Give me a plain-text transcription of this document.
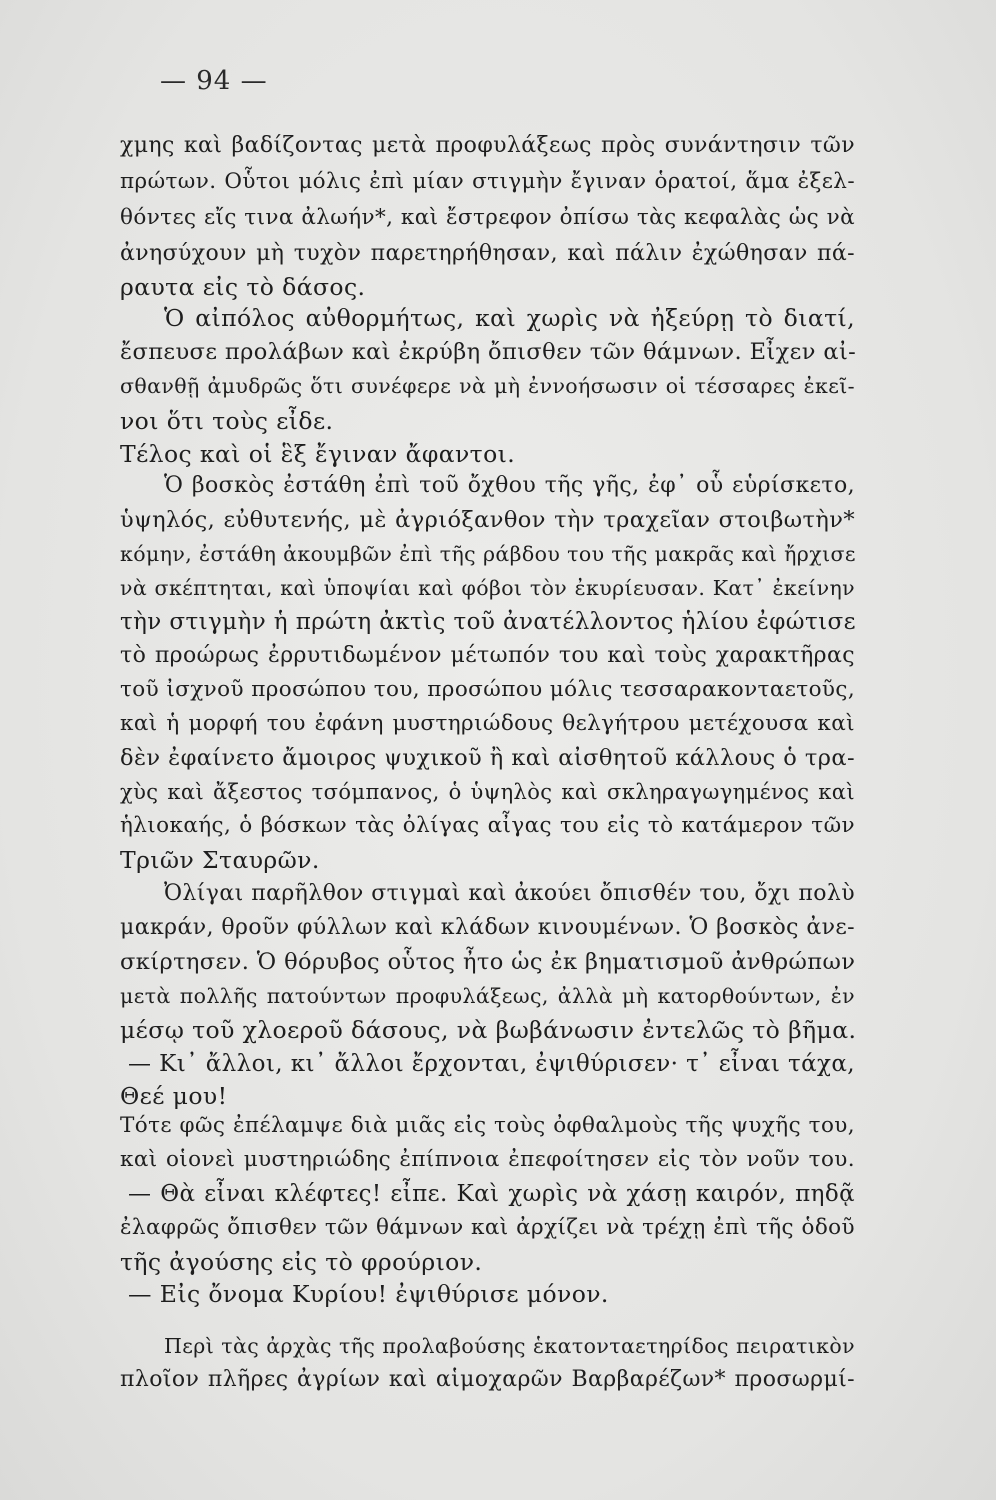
— 94 —
χμης καὶ βαδίζοντας μετὰ προφυλάξεως πρὸς συνάντησιν τῶν
πρώτων. Οὗτοι μόλις ἐπὶ μίαν στιγμὴν ἔγιναν ὁρατοί, ἅμα ἐξελ-
θόντες εἴς τινα ἀλωήν*, καὶ ἔστρεφον ὀπίσω τὰς κεφαλὰς ὡς νὰ
ἀνησύχουν μὴ τυχὸν παρετηρήθησαν, καὶ πάλιν ἐχώθησαν πά-
ραυτα εἰς τὸ δάσος.
Ὁ αἰπόλος αὐθορμήτως, καὶ χωρὶς νὰ ἠξεύρῃ τὸ διατί,
ἔσπευσε προλάβων καὶ ἐκρύβη ὄπισθεν τῶν θάμνων. Εἶχεν αἰ-
σθανθῇ ἀμυδρῶς ὅτι συνέφερε νὰ μὴ ἐννοήσωσιν οἱ τέσσαρες ἐκεῖ-
νοι ὅτι τοὺς εἶδε.
Τέλος καὶ οἱ ἓξ ἔγιναν ἄφαντοι.
Ὁ βοσκὸς ἐστάθη ἐπὶ τοῦ ὄχθου τῆς γῆς, ἐφ᾽ οὗ εὑρίσκετο,
ὑψηλός, εὐθυτενής, μὲ ἀγριόξανθον τὴν τραχεῖαν στοιβωτὴν*
κόμην, ἐστάθη ἀκουμβῶν ἐπὶ τῆς ράβδου του τῆς μακρᾶς καὶ ἤρχισε
νὰ σκέπτηται, καὶ ὑποψίαι καὶ φόβοι τὸν ἐκυρίευσαν. Κατ᾽ ἐκείνην
τὴν στιγμὴν ἡ πρώτη ἀκτὶς τοῦ ἀνατέλλοντος ἡλίου ἐφώτισε
τὸ προώρως ἐρρυτιδωμένον μέτωπόν του καὶ τοὺς χαρακτῆρας
τοῦ ἰσχνοῦ προσώπου του, προσώπου μόλις τεσσαρακονταετοῦς,
καὶ ἡ μορφή του ἐφάνη μυστηριώδους θελγήτρου μετέχουσα καὶ
δὲν ἐφαίνετο ἄμοιρος ψυχικοῦ ἢ καὶ αἰσθητοῦ κάλλους ὁ τρα-
χὺς καὶ ἄξεστος τσόμπανος, ὁ ὑψηλὸς καὶ σκληραγωγημένος καὶ
ἡλιοκαής, ὁ βόσκων τὰς ὀλίγας αἶγας του εἰς τὸ κατάμερον τῶν
Τριῶν Σταυρῶν.
Ὀλίγαι παρῆλθον στιγμαὶ καὶ ἀκούει ὄπισθέν του, ὄχι πολὺ
μακράν, θροῦν φύλλων καὶ κλάδων κινουμένων. Ὁ βοσκὸς ἀνε-
σκίρτησεν. Ὁ θόρυβος οὗτος ἦτο ὡς ἐκ βηματισμοῦ ἀνθρώπων
μετὰ πολλῆς πατούντων προφυλάξεως, ἀλλὰ μὴ κατορθούντων, ἐν
μέσῳ τοῦ χλοεροῦ δάσους, νὰ βωβάνωσιν ἐντελῶς τὸ βῆμα.
— Κι᾽ ἄλλοι, κι᾽ ἄλλοι ἔρχονται, ἐψιθύρισεν· τ᾽ εἶναι τάχα,
Θεέ μου!
Τότε φῶς ἐπέλαμψε διὰ μιᾶς εἰς τοὺς ὀφθαλμοὺς τῆς ψυχῆς του,
καὶ οἱονεὶ μυστηριώδης ἐπίπνοια ἐπεφοίτησεν εἰς τὸν νοῦν του.
— Θὰ εἶναι κλέφτες! εἶπε. Καὶ χωρὶς νὰ χάσῃ καιρόν, πηδᾷ
ἐλαφρῶς ὄπισθεν τῶν θάμνων καὶ ἀρχίζει νὰ τρέχῃ ἐπὶ τῆς ὁδοῦ
τῆς ἀγούσης εἰς τὸ φρούριον.
— Εἰς ὄνομα Κυρίου! ἐψιθύρισε μόνον.
Περὶ τὰς ἀρχὰς τῆς προλαβούσης ἑκατονταετηρίδος πειρατικὸν
πλοῖον πλῆρες ἀγρίων καὶ αἱμοχαρῶν Βαρβαρέζων* προσωρμί-
